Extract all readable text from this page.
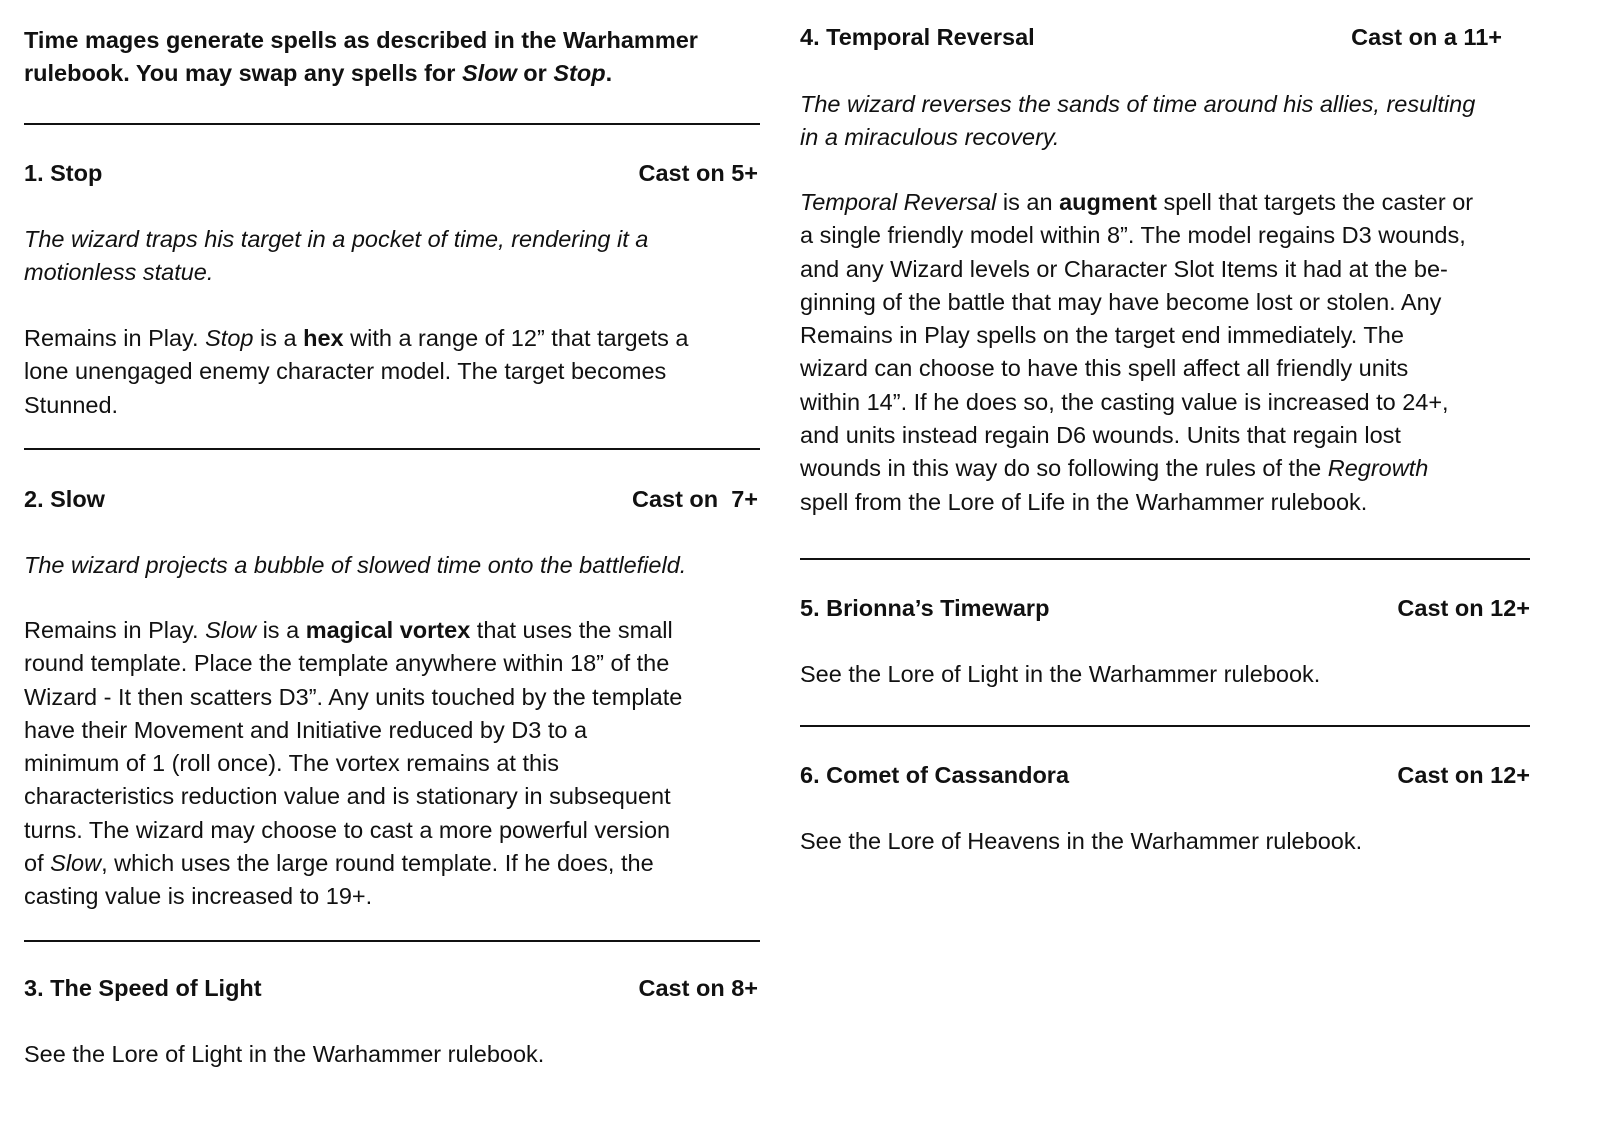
Time mages generate spells as described in the Warhammer
rulebook. You may swap any spells for Slow or Stop.
1. Stop	Cast on 5+
The wizard traps his target in a pocket of time, rendering it a
motionless statue.
Remains in Play. Stop is a hex with a range of 12” that targets a
lone unengaged enemy character model. The target becomes
Stunned.
2. Slow	Cast on  7+
The wizard projects a bubble of slowed time onto the battlefield.
Remains in Play. Slow is a magical vortex that uses the small
round template. Place the template anywhere within 18” of the
Wizard - It then scatters D3”. Any units touched by the template
have their Movement and Initiative reduced by D3 to a
minimum of 1 (roll once). The vortex remains at this
characteristics reduction value and is stationary in subsequent
turns. The wizard may choose to cast a more powerful version
of Slow, which uses the large round template. If he does, the
casting value is increased to 19+.
3. The Speed of Light	Cast on 8+
See the Lore of Light in the Warhammer rulebook.
4. Temporal Reversal	Cast on a 11+
The wizard reverses the sands of time around his allies, resulting
in a miraculous recovery.
Temporal Reversal is an augment spell that targets the caster or
a single friendly model within 8”. The model regains D3 wounds,
and any Wizard levels or Character Slot Items it had at the be-
ginning of the battle that may have become lost or stolen. Any
Remains in Play spells on the target end immediately. The
wizard can choose to have this spell affect all friendly units
within 14”. If he does so, the casting value is increased to 24+,
and units instead regain D6 wounds. Units that regain lost
wounds in this way do so following the rules of the Regrowth
spell from the Lore of Life in the Warhammer rulebook.
5. Brionna’s Timewarp	Cast on 12+
See the Lore of Light in the Warhammer rulebook.
6. Comet of Cassandora	Cast on 12+
See the Lore of Heavens in the Warhammer rulebook.
